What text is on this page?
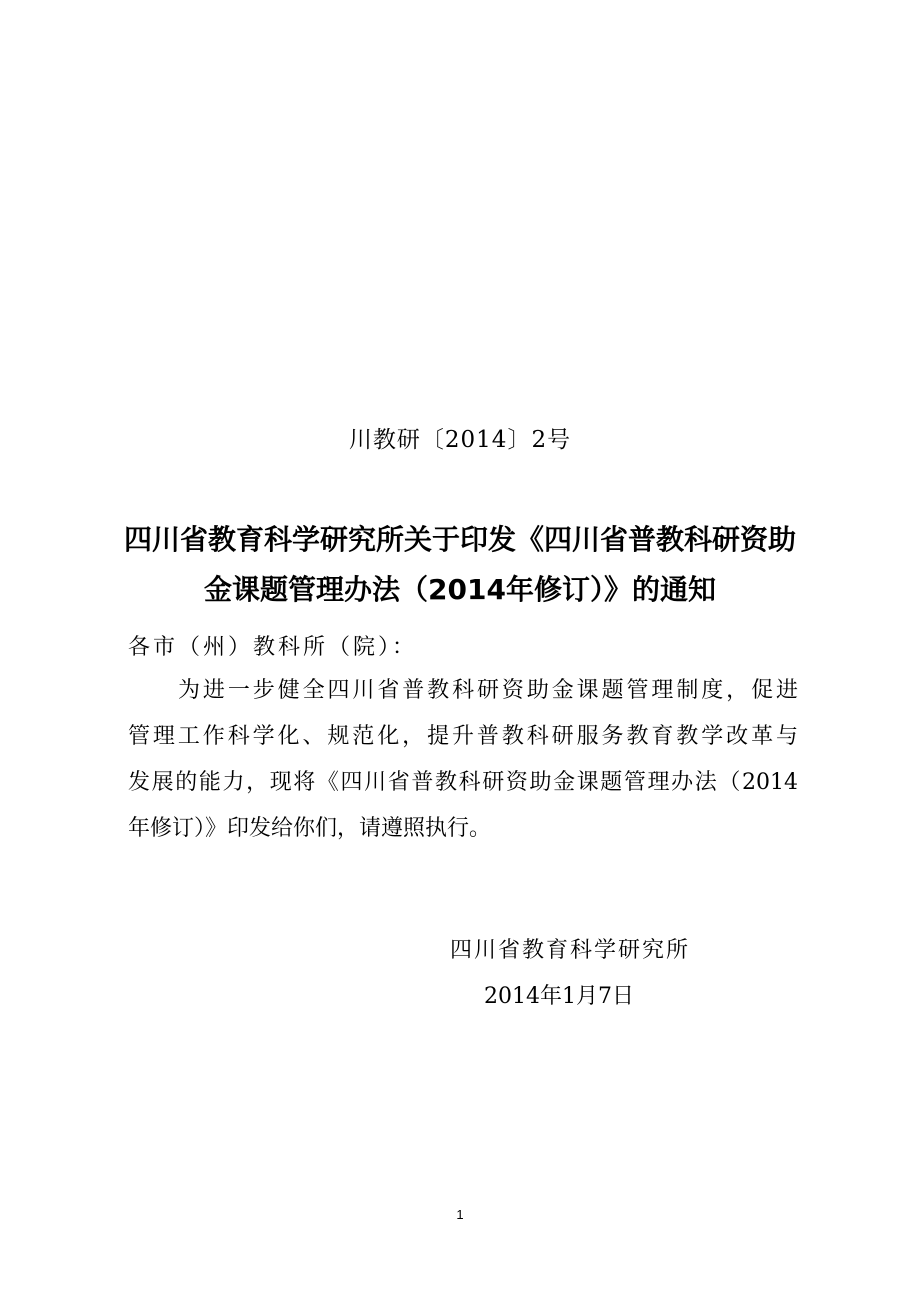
川教研〔2014〕2号
四川省教育科学研究所关于印发《四川省普教科研资助
金课题管理办法（2014年修订）》的通知
各市（州）教科所（院）：
为进一步健全四川省普教科研资助金课题管理制度，促进
管理工作科学化、规范化，提升普教科研服务教育教学改革与
发展的能力，现将《四川省普教科研资助金课题管理办法（2014
年修订）》印发给你们，请遵照执行。
四川省教育科学研究所
2014年1月7日
1
